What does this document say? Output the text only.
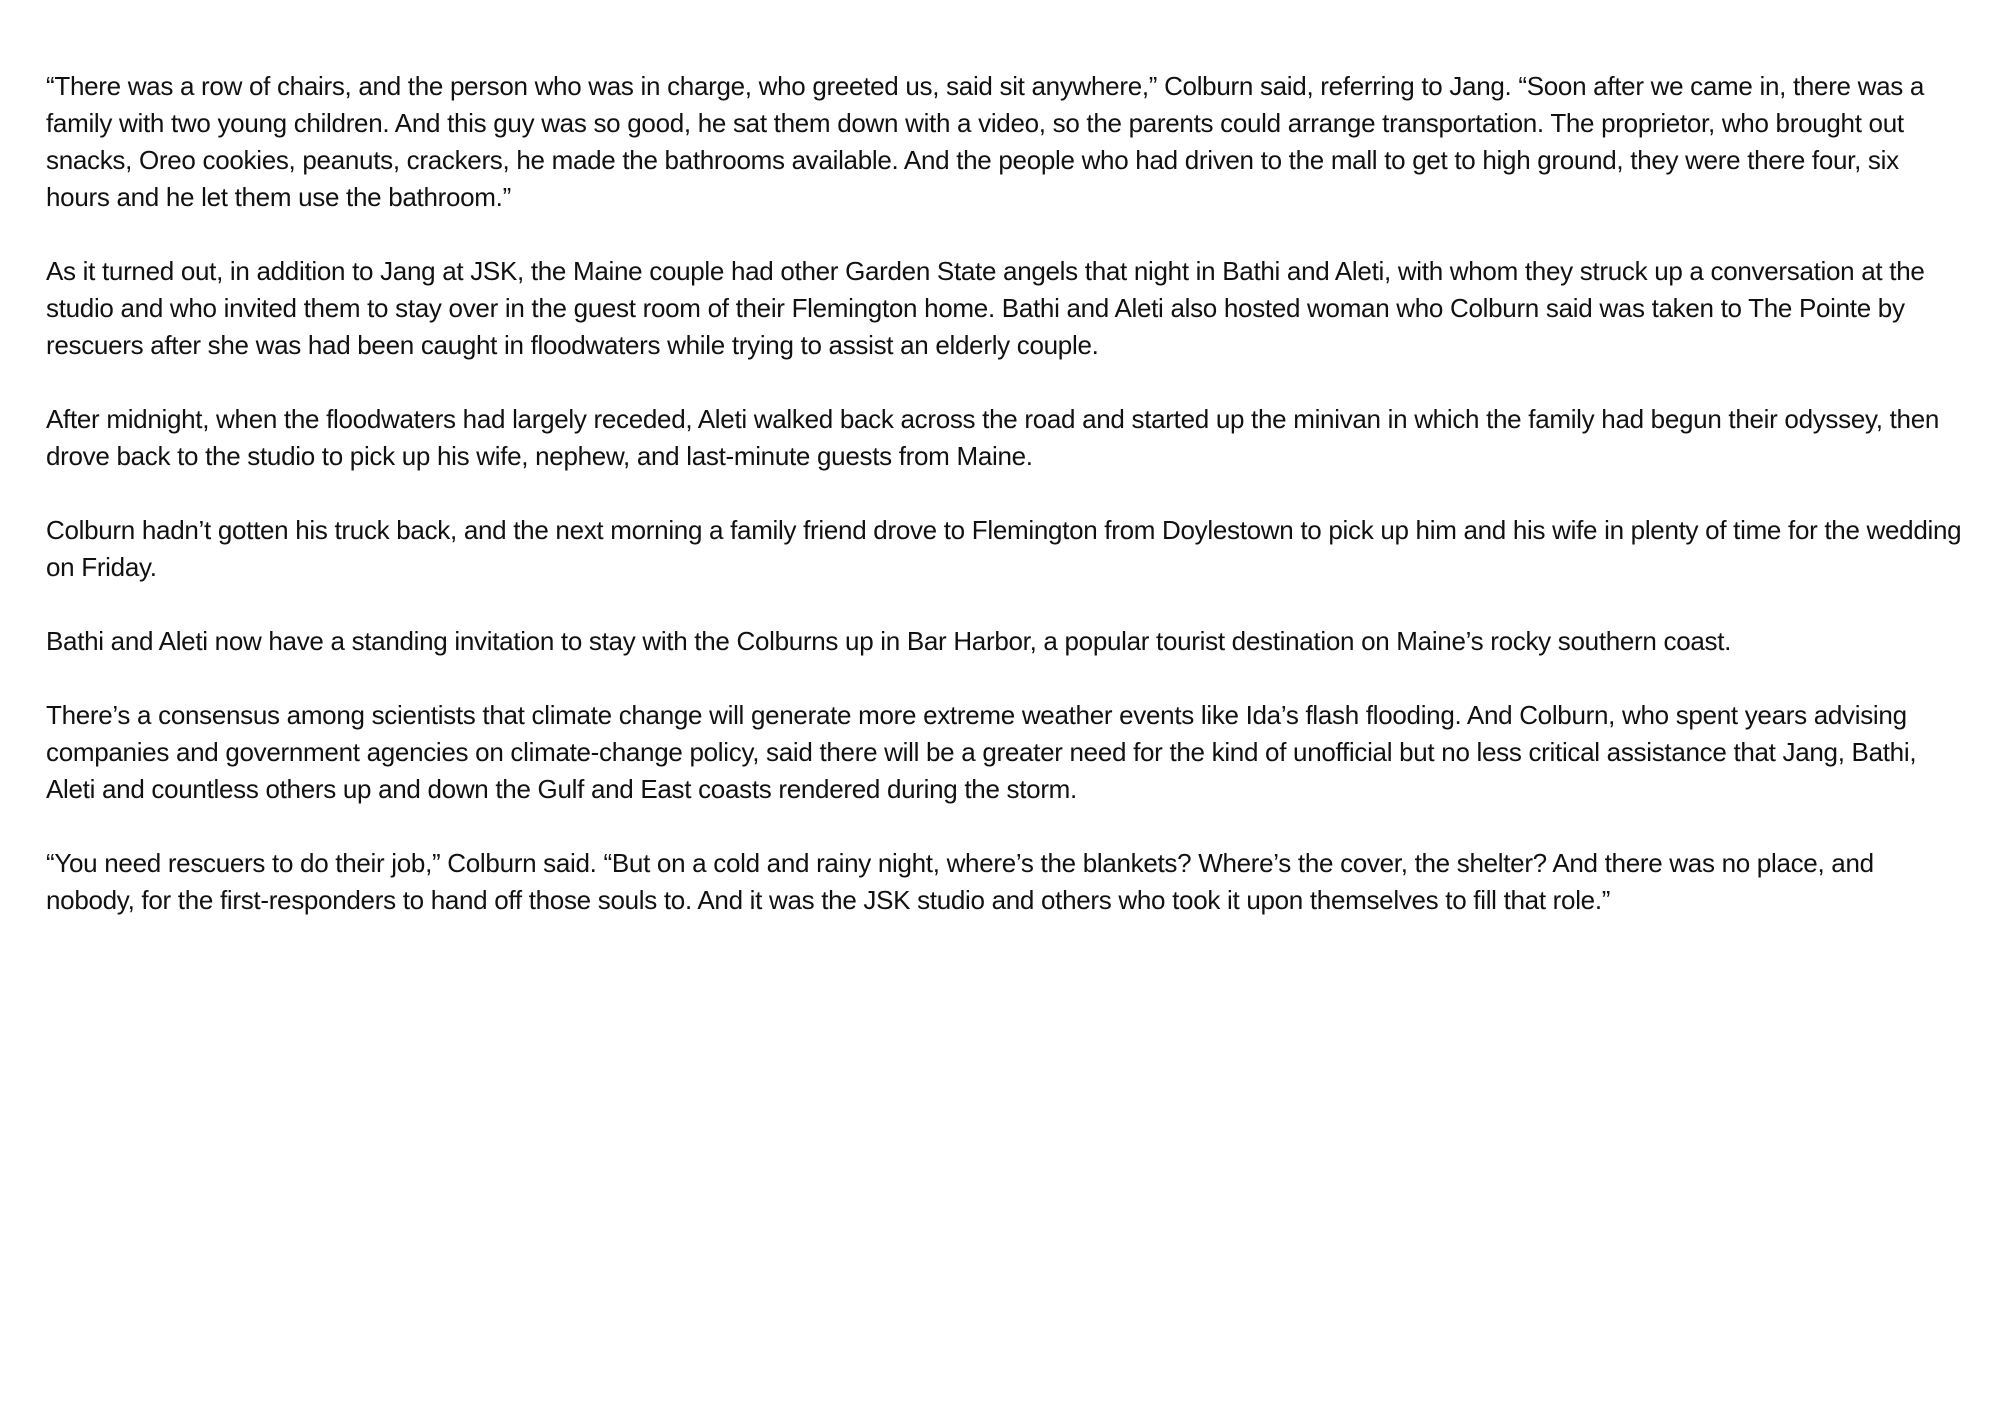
“There was a row of chairs, and the person who was in charge, who greeted us, said sit anywhere,” Colburn said, referring to Jang. “Soon after we came in, there was a family with two young children. And this guy was so good, he sat them down with a video, so the parents could arrange transportation. The proprietor, who brought out snacks, Oreo cookies, peanuts, crackers, he made the bathrooms available. And the people who had driven to the mall to get to high ground, they were there four, six hours and he let them use the bathroom.”

As it turned out, in addition to Jang at JSK, the Maine couple had other Garden State angels that night in Bathi and Aleti, with whom they struck up a conversation at the studio and who invited them to stay over in the guest room of their Flemington home. Bathi and Aleti also hosted woman who Colburn said was taken to The Pointe by rescuers after she was had been caught in floodwaters while trying to assist an elderly couple.

After midnight, when the floodwaters had largely receded, Aleti walked back across the road and started up the minivan in which the family had begun their odyssey, then drove back to the studio to pick up his wife, nephew, and last-minute guests from Maine.

Colburn hadn’t gotten his truck back, and the next morning a family friend drove to Flemington from Doylestown to pick up him and his wife in plenty of time for the wedding on Friday.

Bathi and Aleti now have a standing invitation to stay with the Colburns up in Bar Harbor, a popular tourist destination on Maine’s rocky southern coast.

There’s a consensus among scientists that climate change will generate more extreme weather events like Ida’s flash flooding. And Colburn, who spent years advising companies and government agencies on climate-change policy, said there will be a greater need for the kind of unofficial but no less critical assistance that Jang, Bathi, Aleti and countless others up and down the Gulf and East coasts rendered during the storm.

“You need rescuers to do their job,” Colburn said. “But on a cold and rainy night, where’s the blankets? Where’s the cover, the shelter? And there was no place, and nobody, for the first-responders to hand off those souls to. And it was the JSK studio and others who took it upon themselves to fill that role.”
